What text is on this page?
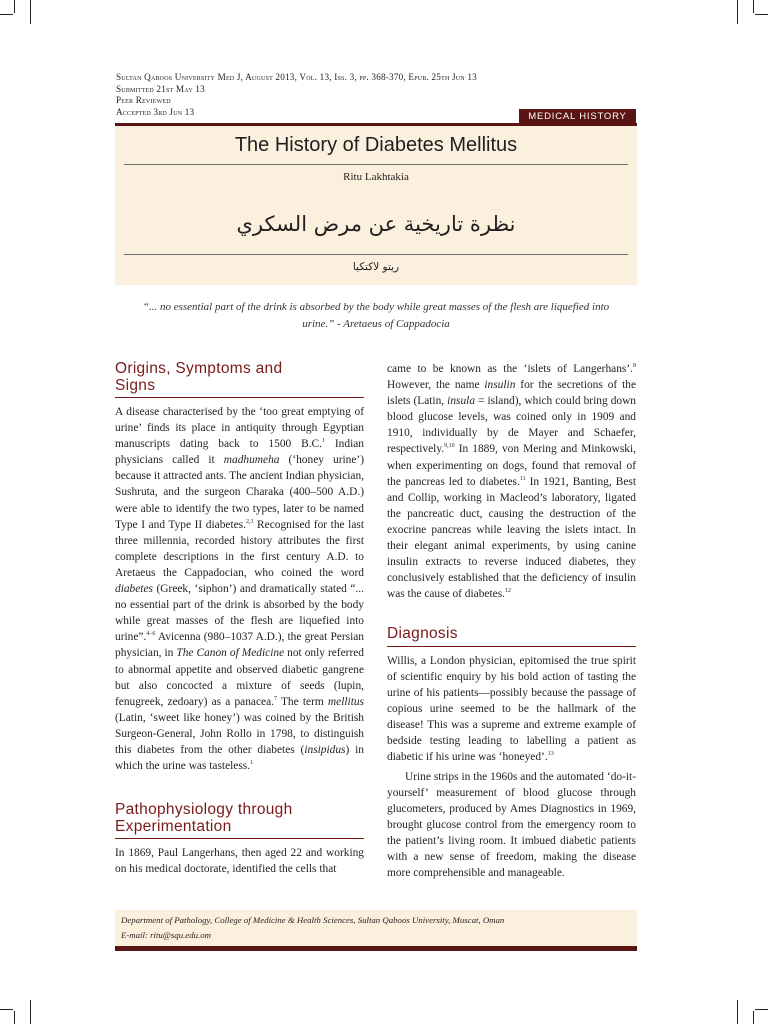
Sultan Qaboos University Med J, August 2013, Vol. 13, Iss. 3, pp. 368-370, Epub. 25th Jun 13
Submitted 21st May 13
Peer Reviewed
Accepted 3rd Jun 13	MEDICAL HISTORY
The History of Diabetes Mellitus
Ritu Lakhtakia
نظرة تاريخية عن مرض السكري
ريتو لاكتكيا
“... no essential part of the drink is absorbed by the body while great masses of the flesh are liquefied into
urine.” - Aretaeus of Cappadocia
Origins, Symptoms and
Signs

A disease characterised by the ‘too great emptying of urine’ finds its place in antiquity through Egyptian manuscripts dating back to 1500 B.C.$^1$ Indian physicians called it madhumeha (‘honey urine’) because it attracted ants. The ancient Indian physician, Sushruta, and the surgeon Charaka (400–500 A.D.) were able to identify the two types, later to be named Type I and Type II diabetes.$^{2,3}$ Recognised for the last three millennia, recorded history attributes the first complete descriptions in the first century A.D. to Aretaeus the Cappadocian, who coined the word diabetes (Greek, ‘siphon’) and dramatically stated “... no essential part of the drink is absorbed by the body while great masses of the flesh are liquefied into urine”.$^{4-6}$ Avicenna (980–1037 A.D.), the great Persian physician, in The Canon of Medicine not only referred to abnormal appetite and observed diabetic gangrene but also concocted a mixture of seeds (lupin, fenugreek, zedoary) as a panacea.$^7$ The term mellitus (Latin, ‘sweet like honey’) was coined by the British Surgeon-General, John Rollo in 1798, to distinguish this diabetes from the other diabetes (insipidus) in which the urine was tasteless.$^1$

Pathophysiology through
Experimentation

In 1869, Paul Langerhans, then aged 22 and working on his medical doctorate, identified the cells that

came to be known as the ‘islets of Langerhans’.$^8$ However, the name insulin for the secretions of the islets (Latin, insula = island), which could bring down blood glucose levels, was coined only in 1909 and 1910, individually by de Mayer and Schaefer, respectively.$^{9,10}$ In 1889, von Mering and Minkowski, when experimenting on dogs, found that removal of the pancreas led to diabetes.$^{11}$ In 1921, Banting, Best and Collip, working in Macleod’s laboratory, ligated the pancreatic duct, causing the destruction of the exocrine pancreas while leaving the islets intact. In their elegant animal experiments, by using canine insulin extracts to reverse induced diabetes, they conclusively established that the deficiency of insulin was the cause of diabetes.$^{12}$

Diagnosis

Willis, a London physician, epitomised the true spirit of scientific enquiry by his bold action of tasting the urine of his patients—possibly because the passage of copious urine seemed to be the hallmark of the disease! This was a supreme and extreme example of bedside testing leading to labelling a patient as diabetic if his urine was ‘honeyed’.$^{13}$

Urine strips in the 1960s and the automated ‘do-it-yourself’ measurement of blood glucose through glucometers, produced by Ames Diagnostics in 1969, brought glucose control from the emergency room to the patient’s living room. It imbued diabetic patients with a new sense of freedom, making the disease more comprehensible and manageable.

Department of Pathology, College of Medicine & Health Sciences, Sultan Qaboos University, Muscat, Oman
E-mail: ritu@squ.edu.om
